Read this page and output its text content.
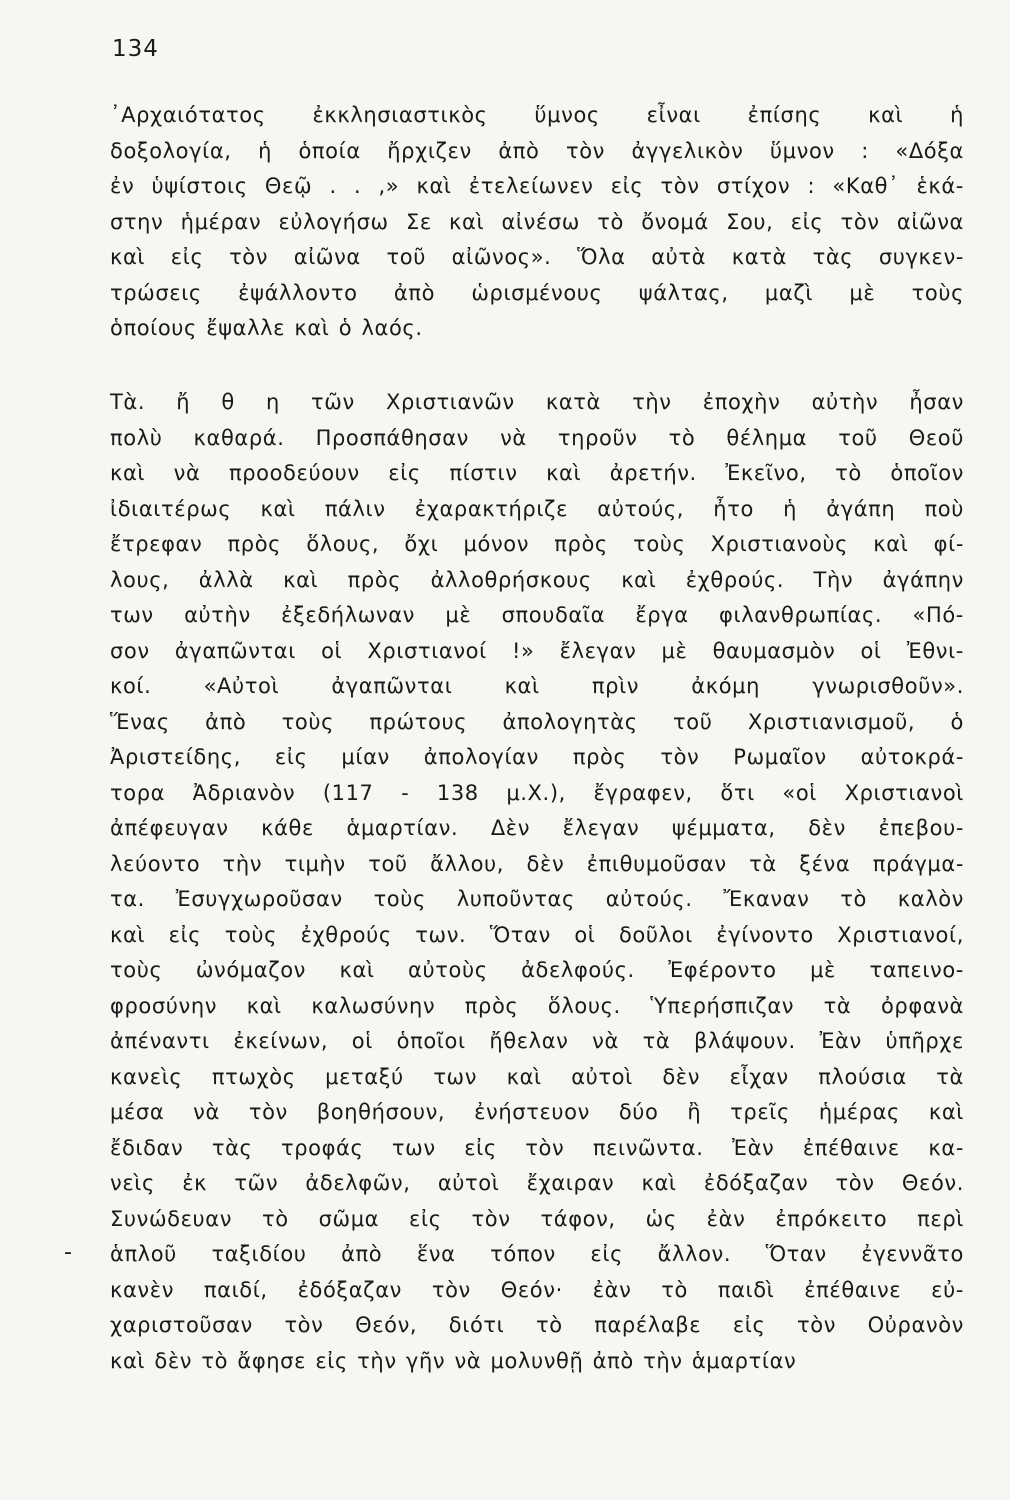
134
᾿Αρχαιότατος ἐκκλησιαστικὸς ὕμνος εἶναι ἐπίσης καὶ ἡ
δοξολογία, ἡ ὁποία ἤρχιζεν ἀπὸ τὸν ἀγγελικὸν ὕμνον : «Δόξα
ἐν ὑψίστοις Θεῷ . . ,» καὶ ἐτελείωνεν εἰς τὸν στίχον : «Καθ᾿ ἑκά-
στην ἡμέραν εὐλογήσω Σε καὶ αἰνέσω τὸ ὄνομά Σου, εἰς τὸν αἰῶνα
καὶ εἰς τὸν αἰῶνα τοῦ αἰῶνος». Ὅλα αὐτὰ κατὰ τὰς συγκεν-
τρώσεις ἐψάλλοντο ἀπὸ ὡρισμένους ψάλτας, μαζὶ μὲ τοὺς
ὁποίους ἔψαλλε καὶ ὁ λαός.
Τὰ. ἤ θ η τῶν Χριστιανῶν κατὰ τὴν ἐποχὴν αὐτὴν ἦσαν
πολὺ καθαρά. Προσπάθησαν νὰ τηροῦν τὸ θέλημα τοῦ Θεοῦ
καὶ νὰ προοδεύουν εἰς πίστιν καὶ ἀρετήν. Ἐκεῖνο, τὸ ὁποῖον
ἰδιαιτέρως καὶ πάλιν ἐχαρακτήριζε αὐτούς, ἦτο ἡ ἀγάπη ποὺ
ἔτρεφαν πρὸς ὅλους, ὄχι μόνον πρὸς τοὺς Χριστιανοὺς καὶ φί-
λους, ἀλλὰ καὶ πρὸς ἀλλοθρήσκους καὶ ἐχθρούς. Τὴν ἀγάπην
των αὐτὴν ἐξεδήλωναν μὲ σπουδαῖα ἔργα φιλανθρωπίας. «Πό-
σον ἀγαπῶνται οἱ Χριστιανοί !» ἔλεγαν μὲ θαυμασμὸν οἱ Ἐθνι-
κοί. «Αὐτοὶ ἀγαπῶνται καὶ πρὶν ἀκόμη γνωρισθοῦν».
Ἕνας ἀπὸ τοὺς πρώτους ἀπολογητὰς τοῦ Χριστιανισμοῦ, ὁ
Ἀριστείδης, εἰς μίαν ἀπολογίαν πρὸς τὸν Ρωμαῖον αὐτοκρά-
τορα Ἀδριανὸν (117 - 138 μ.Χ.), ἔγραφεν, ὅτι «οἱ Χριστιανοὶ
ἀπέφευγαν κάθε ἁμαρτίαν. Δὲν ἔλεγαν ψέμματα, δὲν ἐπεβου-
λεύοντο τὴν τιμὴν τοῦ ἄλλου, δὲν ἐπιθυμοῦσαν τὰ ξένα πράγμα-
τα. Ἐσυγχωροῦσαν τοὺς λυποῦντας αὐτούς. Ἔκαναν τὸ καλὸν
καὶ εἰς τοὺς ἐχθρούς των. Ὅταν οἱ δοῦλοι ἐγίνοντο Χριστιανοί,
τοὺς ὠνόμαζον καὶ αὐτοὺς ἀδελφούς. Ἐφέροντο μὲ ταπεινο-
φροσύνην καὶ καλωσύνην πρὸς ὅλους. Ὑπερήσπιζαν τὰ ὀρφανὰ
ἀπέναντι ἐκείνων, οἱ ὁποῖοι ἤθελαν νὰ τὰ βλάψουν. Ἐὰν ὑπῆρχε
κανεὶς πτωχὸς μεταξύ των καὶ αὐτοὶ δὲν εἶχαν πλούσια τὰ
μέσα νὰ τὸν βοηθήσουν, ἐνήστευον δύο ἢ τρεῖς ἡμέρας καὶ
ἔδιδαν τὰς τροφάς των εἰς τὸν πεινῶντα. Ἐὰν ἐπέθαινε κα-
νεὶς ἐκ τῶν ἀδελφῶν, αὐτοὶ ἔχαιραν καὶ ἐδόξαζαν τὸν Θεόν.
Συνώδευαν τὸ σῶμα εἰς τὸν τάφον, ὡς ἐὰν ἐπρόκειτο περὶ
ἁπλοῦ ταξιδίου ἀπὸ ἕνα τόπον εἰς ἄλλον. Ὅταν ἐγεννᾶτο
κανὲν παιδί, ἐδόξαζαν τὸν Θεόν· ἐὰν τὸ παιδὶ ἐπέθαινε εὐ-
χαριστοῦσαν τὸν Θεόν, διότι τὸ παρέλαβε εἰς τὸν Οὐρανὸν
καὶ δὲν τὸ ἄφησε εἰς τὴν γῆν νὰ μολυνθῇ ἀπὸ τὴν ἁμαρτίαν
-
